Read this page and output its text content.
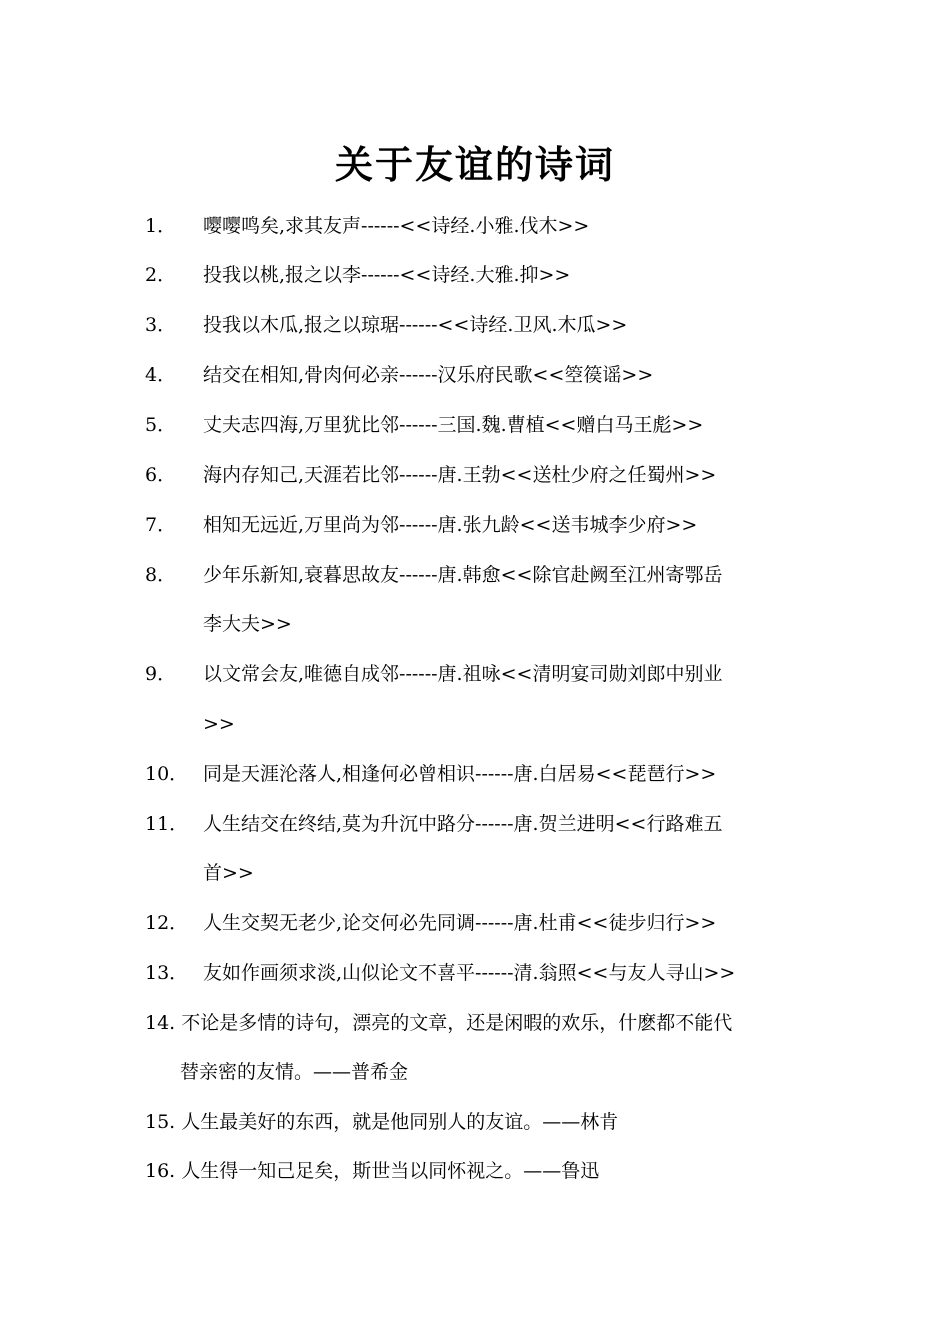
关于友谊的诗词
1． 嘤嘤鸣矣,求其友声------<<诗经.小雅.伐木>>
2． 投我以桃,报之以李------<<诗经.大雅.抑>>
3． 投我以木瓜,报之以琼琚------<<诗经.卫风.木瓜>>
4． 结交在相知,骨肉何必亲------汉乐府民歌<<箜篌谣>>
5． 丈夫志四海,万里犹比邻------三国.魏.曹植<<赠白马王彪>>
6． 海内存知己,天涯若比邻------唐.王勃<<送杜少府之任蜀州>>
7． 相知无远近,万里尚为邻------唐.张九龄<<送韦城李少府>>
8． 少年乐新知,衰暮思故友------唐.韩愈<<除官赴阙至江州寄鄂岳
李大夫>>
9． 以文常会友,唯德自成邻------唐.祖咏<<清明宴司勋刘郎中别业
>>
10． 同是天涯沦落人,相逢何必曾相识------唐.白居易<<琵琶行>>
11． 人生结交在终结,莫为升沉中路分------唐.贺兰进明<<行路难五
首>>
12． 人生交契无老少,论交何必先同调------唐.杜甫<<徒步归行>>
13． 友如作画须求淡,山似论文不喜平------清.翁照<<与友人寻山>>
14. 不论是多情的诗句，漂亮的文章，还是闲暇的欢乐，什麽都不能代
替亲密的友情。——普希金
15. 人生最美好的东西，就是他同别人的友谊。——林肯
16. 人生得一知己足矣，斯世当以同怀视之。——鲁迅
